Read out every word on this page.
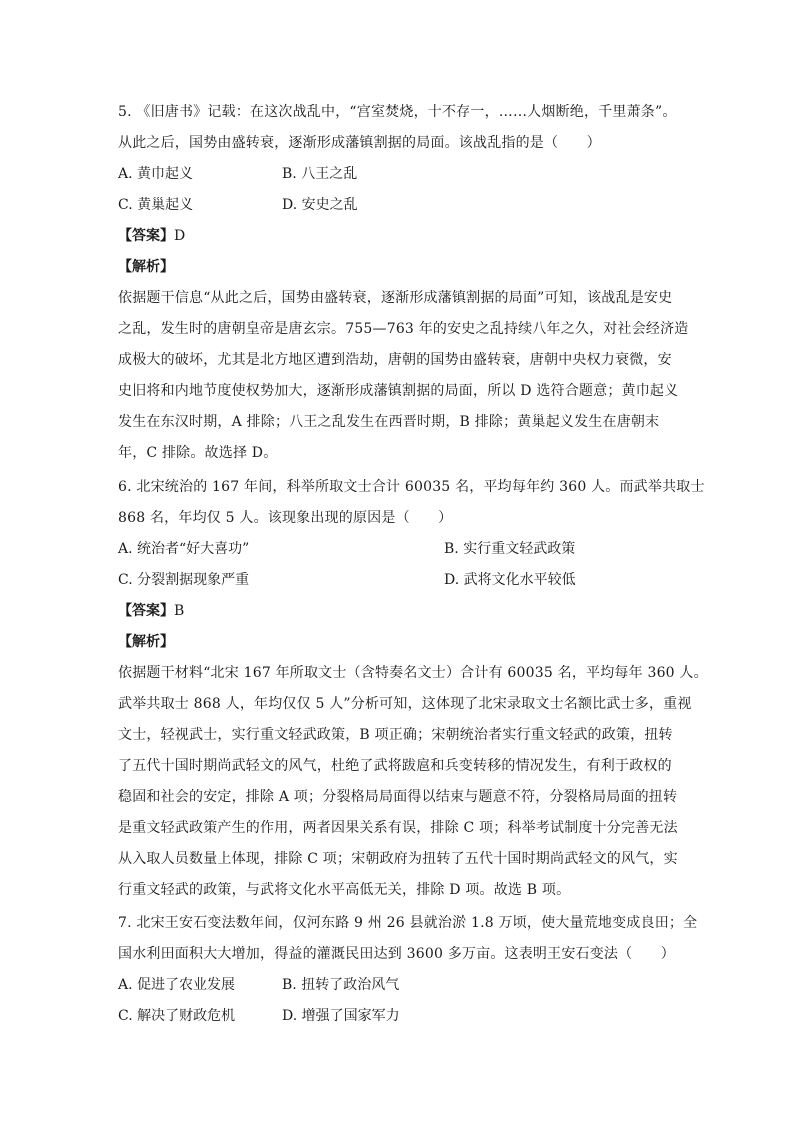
5. 《旧唐书》记载：在这次战乱中，“宫室焚烧，十不存一，……人烟断绝，千里萧条”。
从此之后，国势由盛转衰，逐渐形成藩镇割据的局面。该战乱指的是（　　）
A. 黄巾起义	B. 八王之乱
C. 黄巢起义	D. 安史之乱
【答案】D
【解析】
依据题干信息“从此之后，国势由盛转衰，逐渐形成藩镇割据的局面”可知，该战乱是安史
之乱，发生时的唐朝皇帝是唐玄宗。755—763 年的安史之乱持续八年之久，对社会经济造
成极大的破坏，尤其是北方地区遭到浩劫，唐朝的国势由盛转衰，唐朝中央权力衰微，安
史旧将和内地节度使权势加大，逐渐形成藩镇割据的局面，所以 D 选符合题意；黄巾起义
发生在东汉时期，A 排除；八王之乱发生在西晋时期，B 排除；黄巢起义发生在唐朝末
年，C 排除。故选择 D。
6. 北宋统治的 167 年间，科举所取文士合计 60035 名，平均每年约 360 人。而武举共取士
868 名，年均仅 5 人。该现象出现的原因是（　　）
A. 统治者“好大喜功”	B. 实行重文轻武政策
C. 分裂割据现象严重	D. 武将文化水平较低
【答案】B
【解析】
依据题干材料“北宋 167 年所取文士（含特奏名文士）合计有 60035 名，平均每年 360 人。
武举共取士 868 人，年均仅仅 5 人”分析可知，这体现了北宋录取文士名额比武士多，重视
文士，轻视武士，实行重文轻武政策，B 项正确；宋朝统治者实行重文轻武的政策，扭转
了五代十国时期尚武轻文的风气，杜绝了武将跋扈和兵变转移的情况发生，有利于政权的
稳固和社会的安定，排除 A 项；分裂格局局面得以结束与题意不符，分裂格局局面的扭转
是重文轻武政策产生的作用，两者因果关系有误，排除 C 项；科举考试制度十分完善无法
从入取人员数量上体现，排除 C 项；宋朝政府为扭转了五代十国时期尚武轻文的风气，实
行重文轻武的政策，与武将文化水平高低无关，排除 D 项。故选 B 项。
7. 北宋王安石变法数年间，仅河东路 9 州 26 县就治淤 1.8 万顷，使大量荒地变成良田；全
国水利田面积大大增加，得益的灌溉民田达到 3600 多万亩。这表明王安石变法（　　）
A. 促进了农业发展	B. 扭转了政治风气
C. 解决了财政危机	D. 增强了国家军力
